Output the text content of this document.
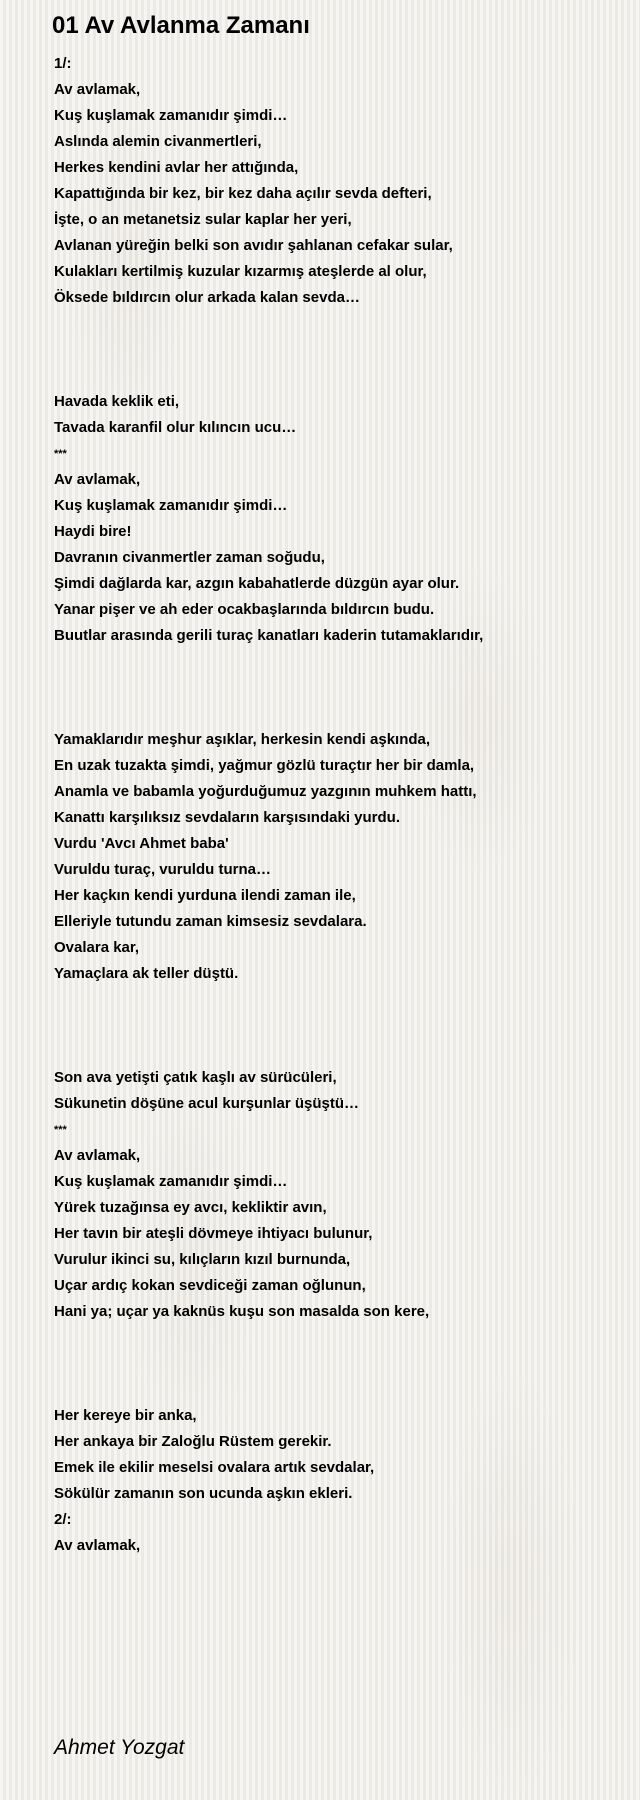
01 Av Avlanma Zamanı
1/:
Av avlamak,
Kuş kuşlamak zamanıdır şimdi…
Aslında alemin civanmertleri,
Herkes kendini avlar her attığında,
Kapattığında bir kez, bir kez daha açılır sevda defteri,
İşte, o an metanetsiz sular kaplar her yeri,
Avlanan yüreğin belki son avıdır şahlanan cefakar sular,
Kulakları kertilmiş kuzular kızarmış ateşlerde al olur,
Öksede bıldırcın olur arkada kalan sevda…
Havada keklik eti,
Tavada karanfil olur kılıncın ucu…
***
Av avlamak,
Kuş kuşlamak zamanıdır şimdi…
Haydi bire!
Davranın civanmertler zaman soğudu,
Şimdi dağlarda kar, azgın kabahatlerde düzgün ayar olur.
Yanar pişer ve ah eder ocakbaşlarında bıldırcın budu.
Buutlar arasında gerili turaç kanatları kaderin tutamaklarıdır,
Yamaklarıdır meşhur aşıklar, herkesin kendi aşkında,
En uzak tuzakta şimdi, yağmur gözlü turaçtır her bir damla,
Anamla ve babamla yoğurduğumuz yazgının muhkem hattı,
Kanattı karşılıksız sevdaların karşısındaki yurdu.
Vurdu 'Avcı Ahmet baba'
Vuruldu turaç, vuruldu turna…
Her kaçkın kendi yurduna ilendi zaman ile,
Elleriyle tutundu zaman kimsesiz sevdalara.
Ovalara kar,
Yamaçlara ak teller düştü.
Son ava yetişti çatık kaşlı av sürücüleri,
Sükunetin döşüne acul kurşunlar üşüştü…
***
Av avlamak,
Kuş kuşlamak zamanıdır şimdi…
Yürek tuzağınsa ey avcı, kekliktir avın,
Her tavın bir ateşli dövmeye ihtiyacı bulunur,
Vurulur ikinci su, kılıçların kızıl burnunda,
Uçar ardıç kokan sevdiceği zaman oğlunun,
Hani ya; uçar ya kaknüs kuşu son masalda son kere,
Her kereye bir anka,
Her ankaya bir Zaloğlu Rüstem gerekir.
Emek ile ekilir meselsi ovalara artık sevdalar,
Sökülür zamanın son ucunda aşkın ekleri.
2/:
Av avlamak,
Ahmet Yozgat
